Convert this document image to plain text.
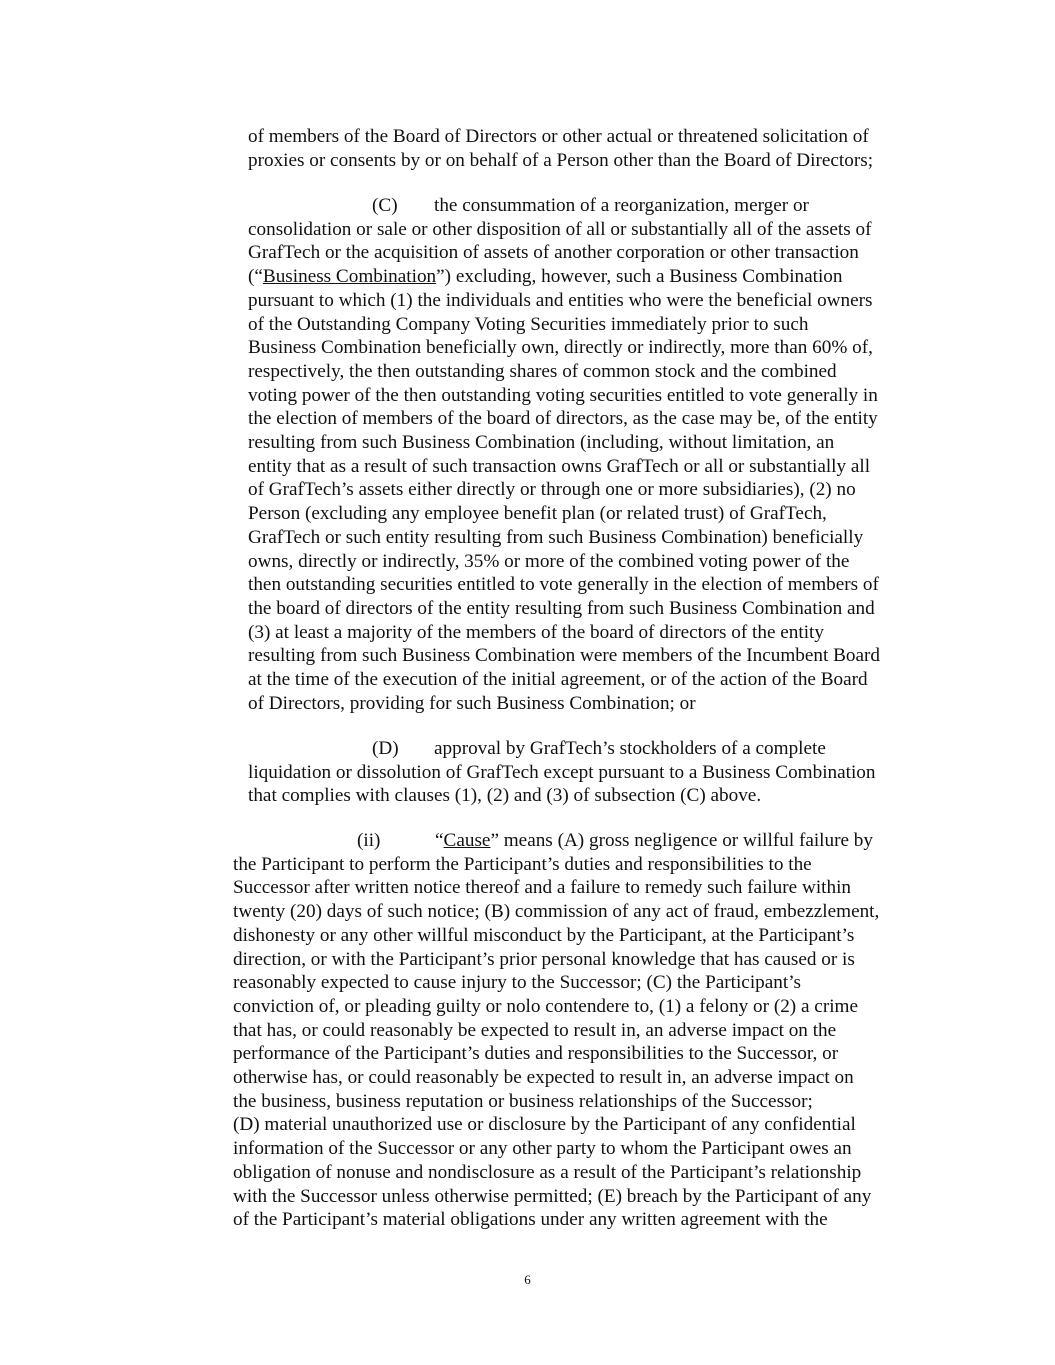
of members of the Board of Directors or other actual or threatened solicitation of
proxies or consents by or on behalf of a Person other than the Board of Directors;
(C) the consummation of a reorganization, merger or
consolidation or sale or other disposition of all or substantially all of the assets of
GrafTech or the acquisition of assets of another corporation or other transaction
(“Business Combination”) excluding, however, such a Business Combination
pursuant to which (1) the individuals and entities who were the beneficial owners
of the Outstanding Company Voting Securities immediately prior to such
Business Combination beneficially own, directly or indirectly, more than 60% of,
respectively, the then outstanding shares of common stock and the combined
voting power of the then outstanding voting securities entitled to vote generally in
the election of members of the board of directors, as the case may be, of the entity
resulting from such Business Combination (including, without limitation, an
entity that as a result of such transaction owns GrafTech or all or substantially all
of GrafTech’s assets either directly or through one or more subsidiaries), (2) no
Person (excluding any employee benefit plan (or related trust) of GrafTech,
GrafTech or such entity resulting from such Business Combination) beneficially
owns, directly or indirectly, 35% or more of the combined voting power of the
then outstanding securities entitled to vote generally in the election of members of
the board of directors of the entity resulting from such Business Combination and
(3) at least a majority of the members of the board of directors of the entity
resulting from such Business Combination were members of the Incumbent Board
at the time of the execution of the initial agreement, or of the action of the Board
of Directors, providing for such Business Combination; or
(D) approval by GrafTech’s stockholders of a complete
liquidation or dissolution of GrafTech except pursuant to a Business Combination
that complies with clauses (1), (2) and (3) of subsection (C) above.
(ii)	“Cause” means (A) gross negligence or willful failure by
the Participant to perform the Participant’s duties and responsibilities to the
Successor after written notice thereof and a failure to remedy such failure within
twenty (20) days of such notice; (B) commission of any act of fraud, embezzlement,
dishonesty or any other willful misconduct by the Participant, at the Participant’s
direction, or with the Participant’s prior personal knowledge that has caused or is
reasonably expected to cause injury to the Successor; (C) the Participant’s
conviction of, or pleading guilty or nolo contendere to, (1) a felony or (2) a crime
that has, or could reasonably be expected to result in, an adverse impact on the
performance of the Participant’s duties and responsibilities to the Successor, or
otherwise has, or could reasonably be expected to result in, an adverse impact on
the business, business reputation or business relationships of the Successor;
(D) material unauthorized use or disclosure by the Participant of any confidential
information of the Successor or any other party to whom the Participant owes an
obligation of nonuse and nondisclosure as a result of the Participant’s relationship
with the Successor unless otherwise permitted; (E) breach by the Participant of any
of the Participant’s material obligations under any written agreement with the
6
